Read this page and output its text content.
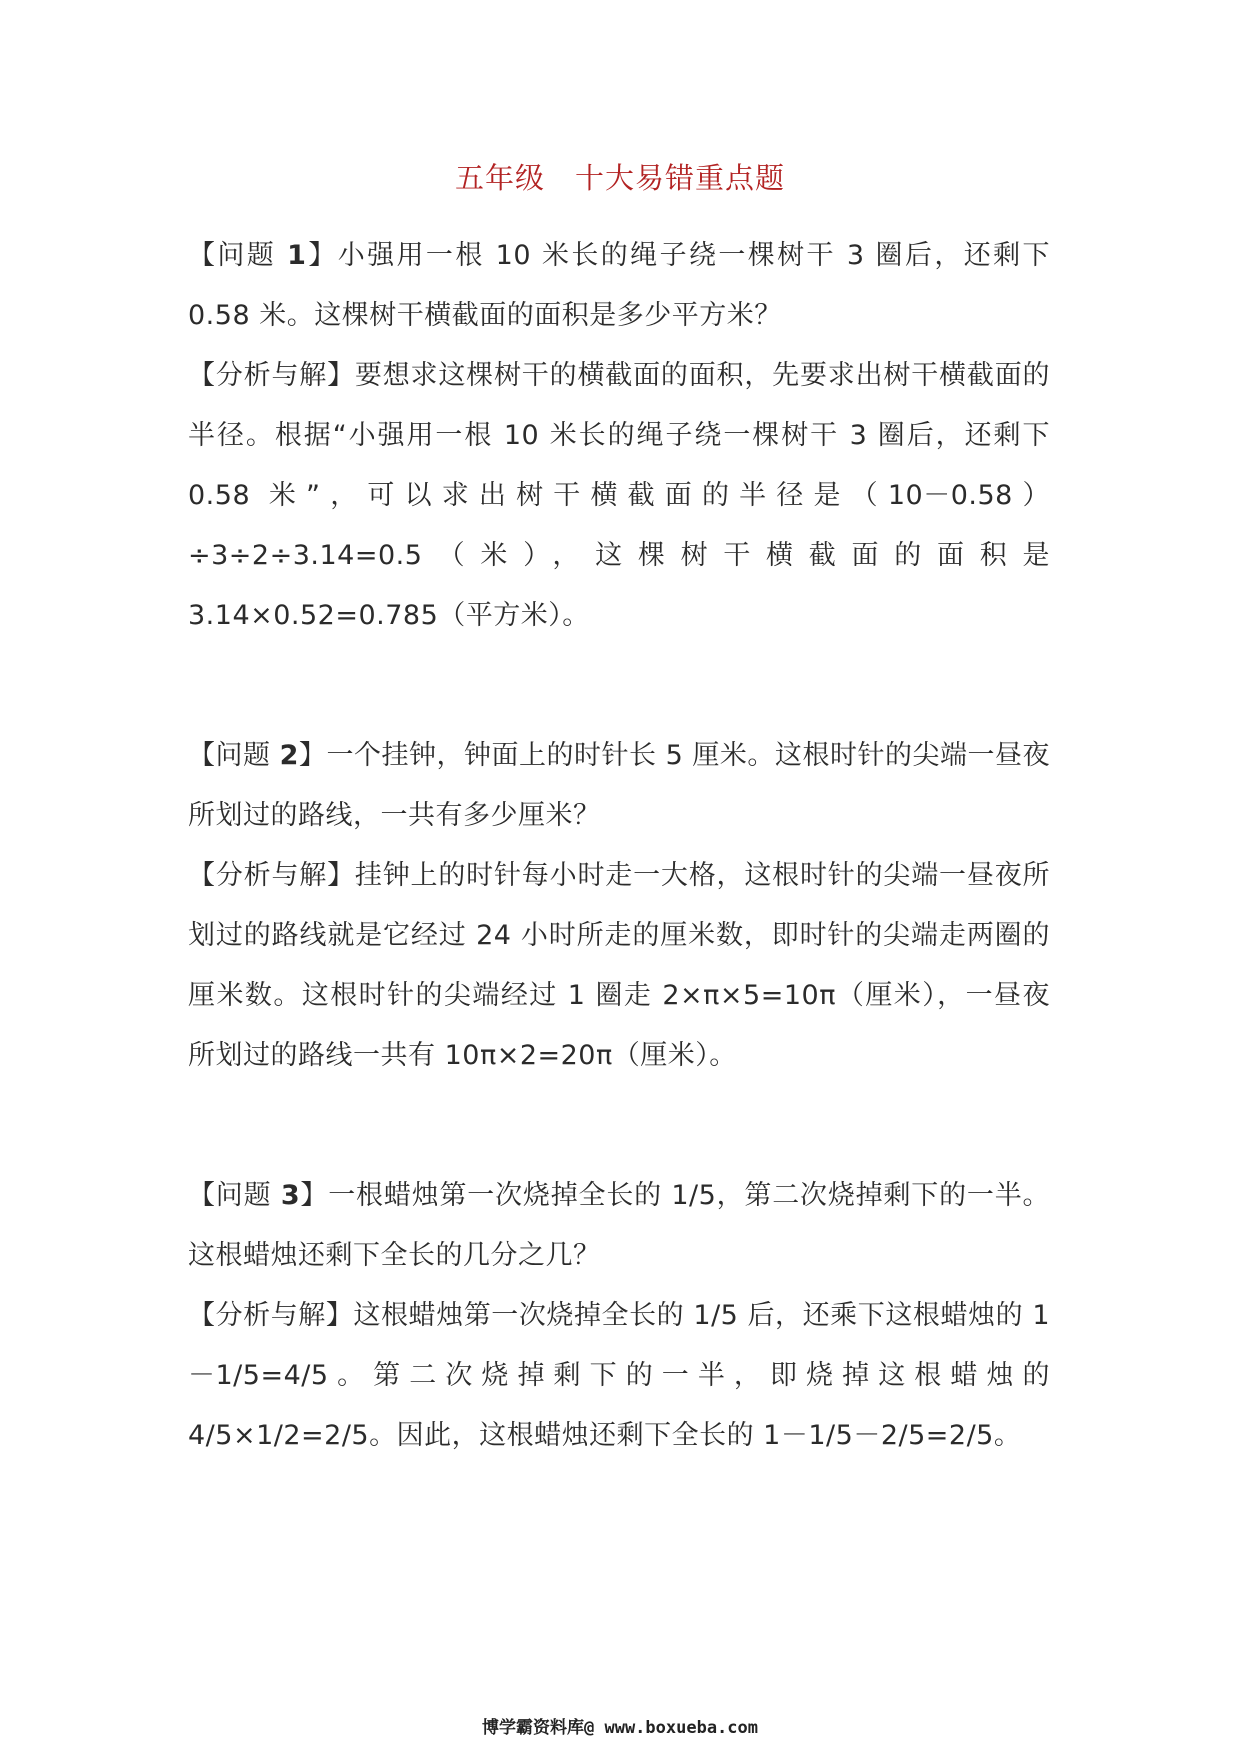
五年级　十大易错重点题

【问题 1】小强用一根 10 米长的绳子绕一棵树干 3 圈后，还剩下 0.58 米。这棵树干横截面的面积是多少平方米？

【分析与解】要想求这棵树干的横截面的面积，先要求出树干横截面的半径。根据“小强用一根 10 米长的绳子绕一棵树干 3 圈后，还剩下 0.58 米”，可以求出树干横截面的半径是（10－0.58）÷3÷2÷3.14=0.5（米），这棵树干横截面的面积是 3.14×0.52=0.785（平方米）。

【问题 2】一个挂钟，钟面上的时针长 5 厘米。这根时针的尖端一昼夜所划过的路线，一共有多少厘米？

【分析与解】挂钟上的时针每小时走一大格，这根时针的尖端一昼夜所划过的路线就是它经过 24 小时所走的厘米数，即时针的尖端走两圈的厘米数。这根时针的尖端经过 1 圈走 2×π×5=10π（厘米），一昼夜所划过的路线一共有 10π×2=20π（厘米）。

【问题 3】一根蜡烛第一次烧掉全长的 1/5，第二次烧掉剩下的一半。这根蜡烛还剩下全长的几分之几？

【分析与解】这根蜡烛第一次烧掉全长的 1/5 后，还乘下这根蜡烛的 1－1/5=4/5。第二次烧掉剩下的一半，即烧掉这根蜡烛的 4/5×1/2=2/5。因此，这根蜡烛还剩下全长的 1－1/5－2/5=2/5。

博学霸资料库@ www.boxueba.com
